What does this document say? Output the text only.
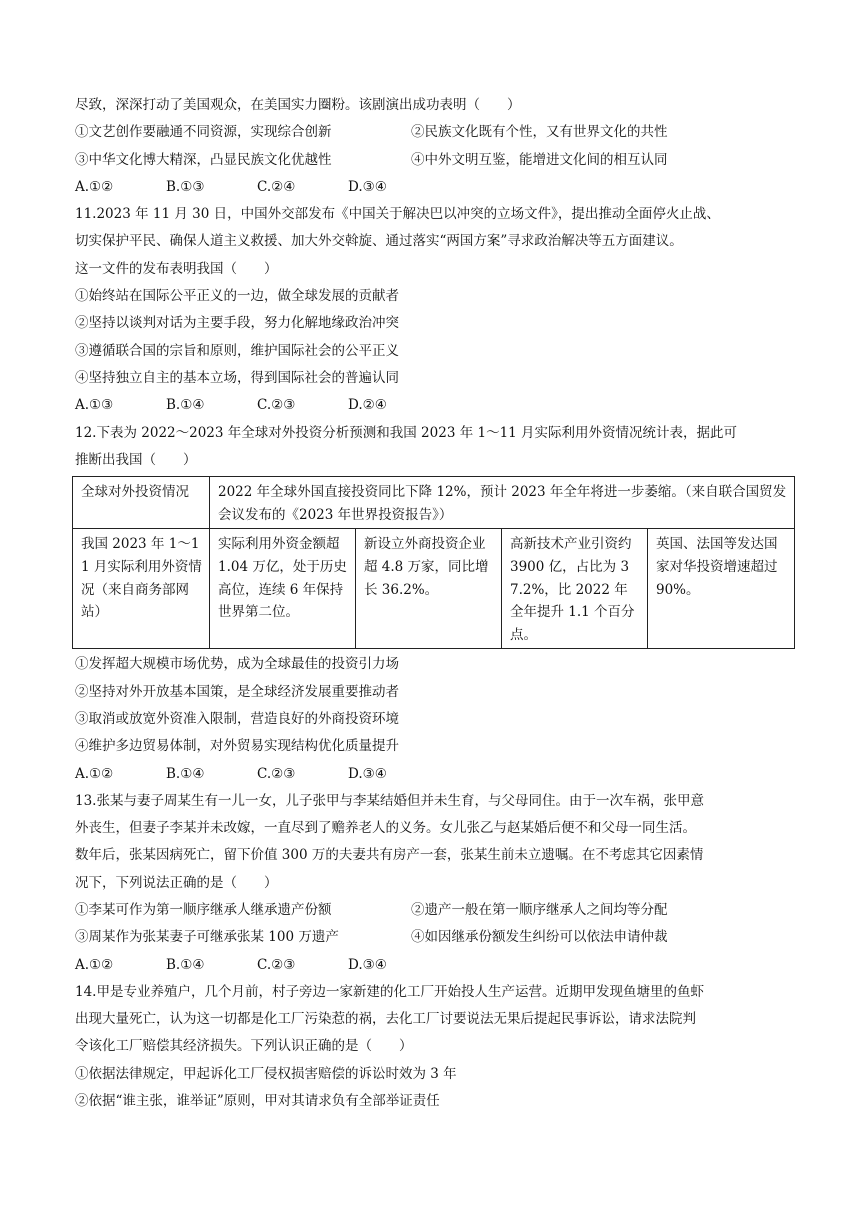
尽致，深深打动了美国观众，在美国实力圈粉。该剧演出成功表明（　　）
①文艺创作要融通不同资源，实现综合创新	②民族文化既有个性，又有世界文化的共性
③中华文化博大精深，凸显民族文化优越性	④中外文明互鉴，能增进文化间的相互认同
A.①②	B.①③	C.②④	D.③④
11.2023 年 11 月 30 日，中国外交部发布《中国关于解决巴以冲突的立场文件》，提出推动全面停火止战、
切实保护平民、确保人道主义救援、加大外交斡旋、通过落实“两国方案”寻求政治解决等五方面建议。
这一文件的发布表明我国（　　）
①始终站在国际公平正义的一边，做全球发展的贡献者
②坚持以谈判对话为主要手段，努力化解地缘政治冲突
③遵循联合国的宗旨和原则，维护国际社会的公平正义
④坚持独立自主的基本立场，得到国际社会的普遍认同
A.①③	B.①④	C.②③	D.②④
12.下表为 2022～2023 年全球对外投资分析预测和我国 2023 年 1～11 月实际利用外资情况统计表，据此可
推断出我国（　　）
全球对外投资情况	2022 年全球外国直接投资同比下降 12%，预计 2023 年全年将进一步萎缩。（来自联合国贸发会议发布的《2023 年世界投资报告》）			
我国 2023 年 1～11 月实际利用外资情况（来自商务部网站）	实际利用外资金额超 1.04 万亿，处于历史高位，连续 6 年保持世界第二位。	新设立外商投资企业超 4.8 万家，同比增长 36.2%。	高新技术产业引资约 3900 亿，占比为 37.2%，比 2022 年全年提升 1.1 个百分点。	英国、法国等发达国家对华投资增速超过 90%。
①发挥超大规模市场优势，成为全球最佳的投资引力场
②坚持对外开放基本国策，是全球经济发展重要推动者
③取消或放宽外资准入限制，营造良好的外商投资环境
④维护多边贸易体制，对外贸易实现结构优化质量提升
A.①②	B.①④	C.②③	D.③④
13.张某与妻子周某生有一儿一女，儿子张甲与李某结婚但并未生育，与父母同住。由于一次车祸，张甲意
外丧生，但妻子李某并未改嫁，一直尽到了赡养老人的义务。女儿张乙与赵某婚后便不和父母一同生活。
数年后，张某因病死亡，留下价值 300 万的夫妻共有房产一套，张某生前未立遗嘱。在不考虑其它因素情
况下，下列说法正确的是（　　）
①李某可作为第一顺序继承人继承遗产份额	②遗产一般在第一顺序继承人之间均等分配
③周某作为张某妻子可继承张某 100 万遗产	④如因继承份额发生纠纷可以依法申请仲裁
A.①②	B.①④	C.②③	D.③④
14.甲是专业养殖户，几个月前，村子旁边一家新建的化工厂开始投人生产运营。近期甲发现鱼塘里的鱼虾
出现大量死亡，认为这一切都是化工厂污染惹的祸，去化工厂讨要说法无果后提起民事诉讼，请求法院判
令该化工厂赔偿其经济损失。下列认识正确的是（　　）
①依据法律规定，甲起诉化工厂侵权损害赔偿的诉讼时效为 3 年
②依据“谁主张，谁举证”原则，甲对其请求负有全部举证责任
